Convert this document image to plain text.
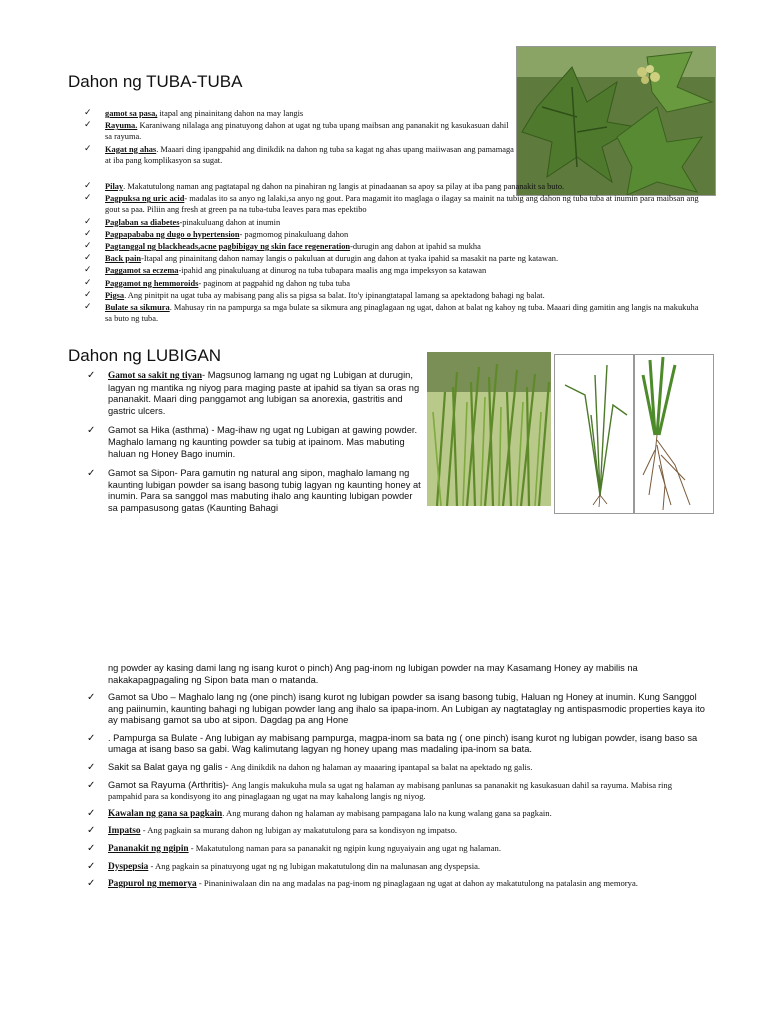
Dahon ng TUBA-TUBA
✓ gamot sa pasa, itapal ang pinainitang dahon na may langis
✓ Rayuma. Karaniwang nilalaga ang pinatuyong dahon at ugat ng tuba upang maibsan ang pananakit ng kasukasuan dahil sa rayuma.
✓ Kagat ng ahas. Maaari ding ipangpahid ang dinikdik na dahon ng tuba sa kagat ng ahas upang maiiwasan ang pamamaga at iba pang komplikasyon sa sugat.
✓ Pilay. Makatutulong naman ang pagtatapal ng dahon na pinahiran ng langis at pinadaanan sa apoy sa pilay at iba pang pananakit sa buto.
✓ Pagpuksa ng uric acid- madalas ito sa anyo ng lalaki,sa anyo ng gout. Para magamit ito maglaga o ilagay sa mainit na tubig ang dahon ng tuba tuba at inumin para maibsan ang gout sa paa. Piliin ang fresh at green pa na tuba-tuba leaves para mas epektibo
✓ Paglaban sa diabetes-pinakuluang dahon at inumin
✓ Pagpapababa ng dugo o hypertension- pagmomog pinakuluang dahon
✓ Pagtanggal ng blackheads,acne pagbibigay ng skin face regeneration-durugin ang dahon at ipahid sa mukha
✓ Back pain-Itapal ang pinainitang dahon namay langis o pakuluan at durugin ang dahon at tyaka ipahid sa masakit na parte ng katawan.
✓ Paggamot sa eczema-ipahid ang pinakuluang at dinurog na tuba tubapara maalis ang mga impeksyon sa katawan
✓ Paggamot ng hemmoroids- paginom at pagpahid ng dahon ng tuba tuba
✓ Pigsa. Ang pinitpit na ugat tuba ay mabisang pang alis sa pigsa sa balat. Ito'y ipinangtatapal lamang sa apektadong bahagi ng balat.
✓ Bulate sa sikmura. Mahusay rin na pampurga sa mga bulate sa sikmura ang pinaglagaan ng ugat, dahon at balat ng kahoy ng tuba. Maaari ding gamitin ang langis na makukuha sa buto ng tuba.
Dahon ng LUBIGAN
✓ Gamot sa sakit ng tiyan- Magsunog lamang ng ugat ng Lubigan at durugin, lagyan ng mantika ng niyog para maging paste at ipahid sa tiyan sa oras ng pananakit. Maari ding panggamot ang lubigan sa anorexia, gastritis and gastric ulcers.
✓ Gamot sa Hika (asthma) - Mag-ihaw ng ugat ng Lubigan at gawing powder. Maghalo lamang ng kaunting powder sa tubig at ipainom. Mas mabuting haluan ng Honey Bago inumin.
✓ Gamot sa Sipon- Para gamutin ng natural ang sipon, maghalo lamang ng kaunting lubigan powder sa isang basong tubig lagyan ng kaunting honey at inumin. Para sa sanggol mas mabuting ihalo ang kaunting lubigan powder sa pampasusong gatas (Kaunting Bahagi

ng powder ay kasing dami lang ng isang kurot o pinch) Ang pag-inom ng lubigan powder na may Kasamang Honey ay mabilis na nakakapagpagaling ng Sipon bata man o matanda.

✓ Gamot sa Ubo – Maghalo lang ng (one pinch) isang kurot ng lubigan powder sa isang basong tubig, Haluan ng Honey at inumin. Kung Sanggol ang paiinumin, kaunting bahagi ng lubigan powder lang ang ihalo sa ipapa-inom. An Lubigan ay nagtataglay ng antispasmodic properties kaya ito ay mabisang gamot sa ubo at sipon. Dagdag pa ang Hone
✓ . Pampurga sa Bulate - Ang lubigan ay mabisang pampurga, magpa-inom sa bata ng ( one pinch) isang kurot ng lubigan powder, isang baso sa umaga at isang baso sa gabi. Wag kalimutang lagyan ng honey upang mas madaling ipa-inom sa bata.
✓ Sakit sa Balat gaya ng galis - Ang dinikdik na dahon ng halaman ay maaaring ipantapal sa balat na apektado ng galis.
✓ Gamot sa Rayuma (Arthritis)- Ang langis makukuha mula sa ugat ng halaman ay mabisang panlunas sa pananakit ng kasukasuan dahil sa rayuma. Mabisa ring pampahid para sa kondisyong ito ang pinaglagaan ng ugat na may kahalong langis ng niyog.
✓ Kawalan ng gana sa pagkain. Ang murang dahon ng halaman ay mabisang pampagana lalo na kung walang gana sa pagkain.
✓ Impatso - Ang pagkain sa murang dahon ng lubigan ay makatutulong para sa kondisyon ng impatso.
✓ Pananakit ng ngipin - Makatutulong naman para sa pananakit ng ngipin kung nguyaiyain ang ugat ng halaman.
✓ Dyspepsia - Ang pagkain sa pinatuyong ugat ng ng lubigan makatutulong din na malunasan ang dyspepsia.
✓ Pagpurol ng memorya - Pinaniniwalaan din na ang madalas na pag-inom ng pinaglagaan ng ugat at dahon ay makatutulong na patalasin ang memorya.
